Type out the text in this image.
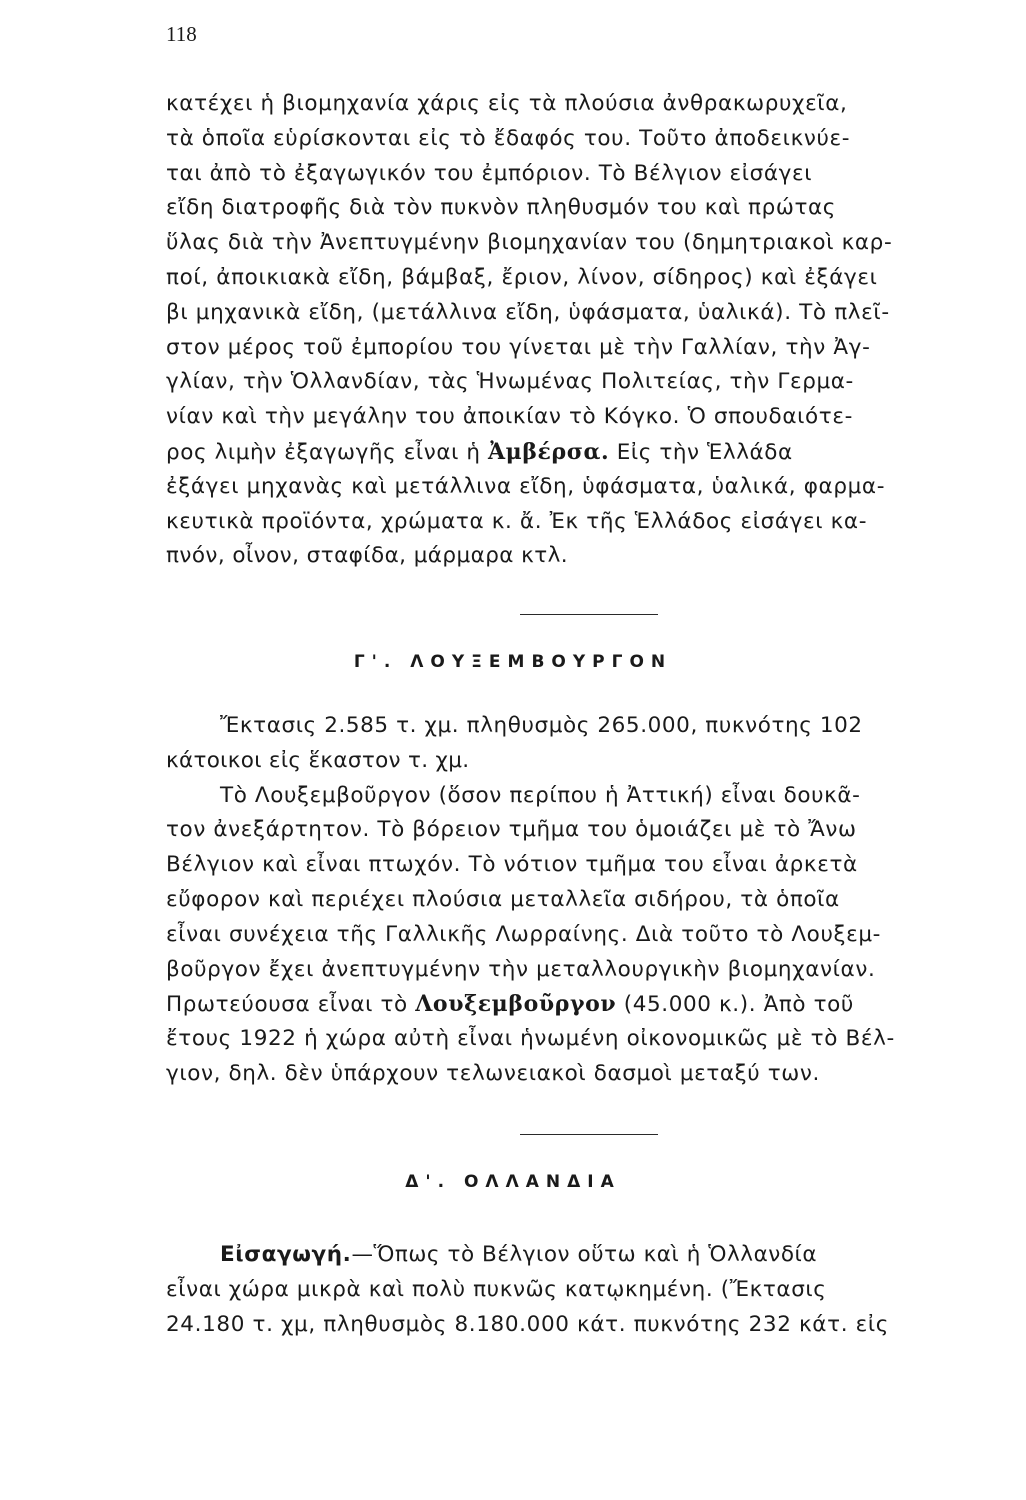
118
κατέχει ἡ βιομηχανία χάρις εἰς τὰ πλούσια ἀνθρακωρυχεῖα,
τὰ ὁποῖα εὑρίσκονται εἰς τὸ ἔδαφός του. Τοῦτο ἀποδεικνύε-
ται ἀπὸ τὸ ἐξαγωγικόν του ἐμπόριον. Τὸ Βέλγιον εἰσάγει
εἴδη διατροφῆς διὰ τὸν πυκνὸν πληθυσμόν του καὶ πρώτας
ὕλας διὰ τὴν Ἀνεπτυγμένην βιομηχανίαν του (δημητριακοὶ καρ-
ποί, ἀποικιακὰ εἴδη, βάμβαξ, ἔριον, λίνον, σίδηρος) καὶ ἐξάγει
βι μηχανικὰ εἴδη, (μετάλλινα εἴδη, ὑφάσματα, ὑαλικά). Τὸ πλεῖ-
στον μέρος τοῦ ἐμπορίου του γίνεται μὲ τὴν Γαλλίαν, τὴν Ἀγ-
γλίαν, τὴν Ὁλλανδίαν, τὰς Ἡνωμένας Πολιτείας, τὴν Γερμα-
νίαν καὶ τὴν μεγάλην του ἀποικίαν τὸ Κόγκο. Ὁ σπουδαιότε-
ρος λιμὴν ἐξαγωγῆς εἶναι ἡ Ἀμβέρσα. Εἰς τὴν Ἑλλάδα
ἐξάγει μηχανὰς καὶ μετάλλινα εἴδη, ὑφάσματα, ὑαλικά, φαρμα-
κευτικὰ προϊόντα, χρώματα κ. ἄ. Ἐκ τῆς Ἑλλάδος εἰσάγει κα-
πνόν, οἶνον, σταφίδα, μάρμαρα κτλ.
Γ'. ΛΟΥΞΕΜΒΟΥΡΓΟΝ
Ἔκτασις 2.585 τ. χμ. πληθυσμὸς 265.000, πυκνότης 102
κάτοικοι εἰς ἕκαστον τ. χμ.
Τὸ Λουξεμβοῦργον (ὅσον περίπου ἡ Ἀττική) εἶναι δουκᾶ-
τον ἀνεξάρτητον. Τὸ βόρειον τμῆμα του ὁμοιάζει μὲ τὸ Ἄνω
Βέλγιον καὶ εἶναι πτωχόν. Τὸ νότιον τμῆμα του εἶναι ἀρκετὰ
εὔφορον καὶ περιέχει πλούσια μεταλλεῖα σιδήρου, τὰ ὁποῖα
εἶναι συνέχεια τῆς Γαλλικῆς Λωρραίνης. Διὰ τοῦτο τὸ Λουξεμ-
βοῦργον ἔχει ἀνεπτυγμένην τὴν μεταλλουργικὴν βιομηχανίαν.
Πρωτεύουσα εἶναι τὸ Λουξεμβοῦργον (45.000 κ.). Ἀπὸ τοῦ
ἔτους 1922 ἡ χώρα αὐτὴ εἶναι ἡνωμένη οἰκονομικῶς μὲ τὸ Βέλ-
γιον, δηλ. δὲν ὑπάρχουν τελωνειακοὶ δασμοὶ μεταξύ των.
Δ'. ΟΛΛΑΝΔΙΑ
Εἰσαγωγή.—Ὅπως τὸ Βέλγιον οὕτω καὶ ἡ Ὁλλανδία
εἶναι χώρα μικρὰ καὶ πολὺ πυκνῶς κατῳκημένη. (Ἔκτασις
24.180 τ. χμ, πληθυσμὸς 8.180.000 κάτ. πυκνότης 232 κάτ. εἰς
